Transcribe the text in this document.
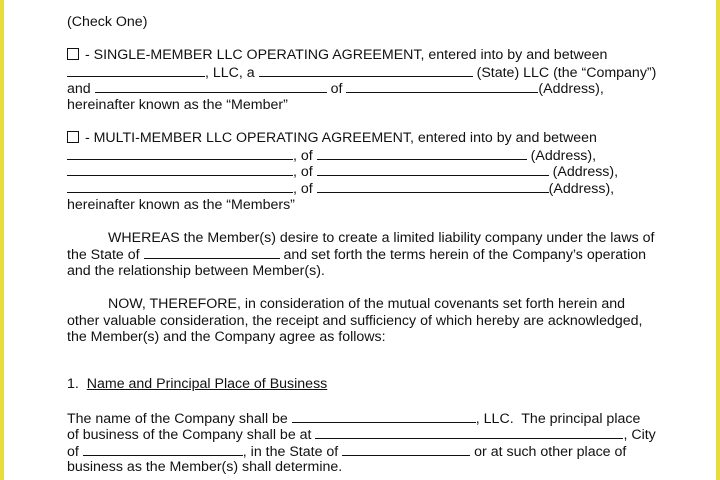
(Check One)
- SINGLE-MEMBER LLC OPERATING AGREEMENT, entered into by and between
, LLC, a	(State) LLC (the “Company”)
and	of	(Address),
hereinafter known as the “Member”
- MULTI-MEMBER LLC OPERATING AGREEMENT, entered into by and between
, of	(Address),
, of	(Address),
, of	(Address),
hereinafter known as the “Members”
WHEREAS the Member(s) desire to create a limited liability company under the laws of
the State of	and set forth the terms herein of the Company’s operation
and the relationship between Member(s).
NOW, THEREFORE, in consideration of the mutual covenants set forth herein and
other valuable consideration, the receipt and sufficiency of which hereby are acknowledged,
the Member(s) and the Company agree as follows:
1. Name and Principal Place of Business
The name of the Company shall be	, LLC.  The principal place
of business of the Company shall be at	, City
of	, in the State of	or at such other place of
business as the Member(s) shall determine.
